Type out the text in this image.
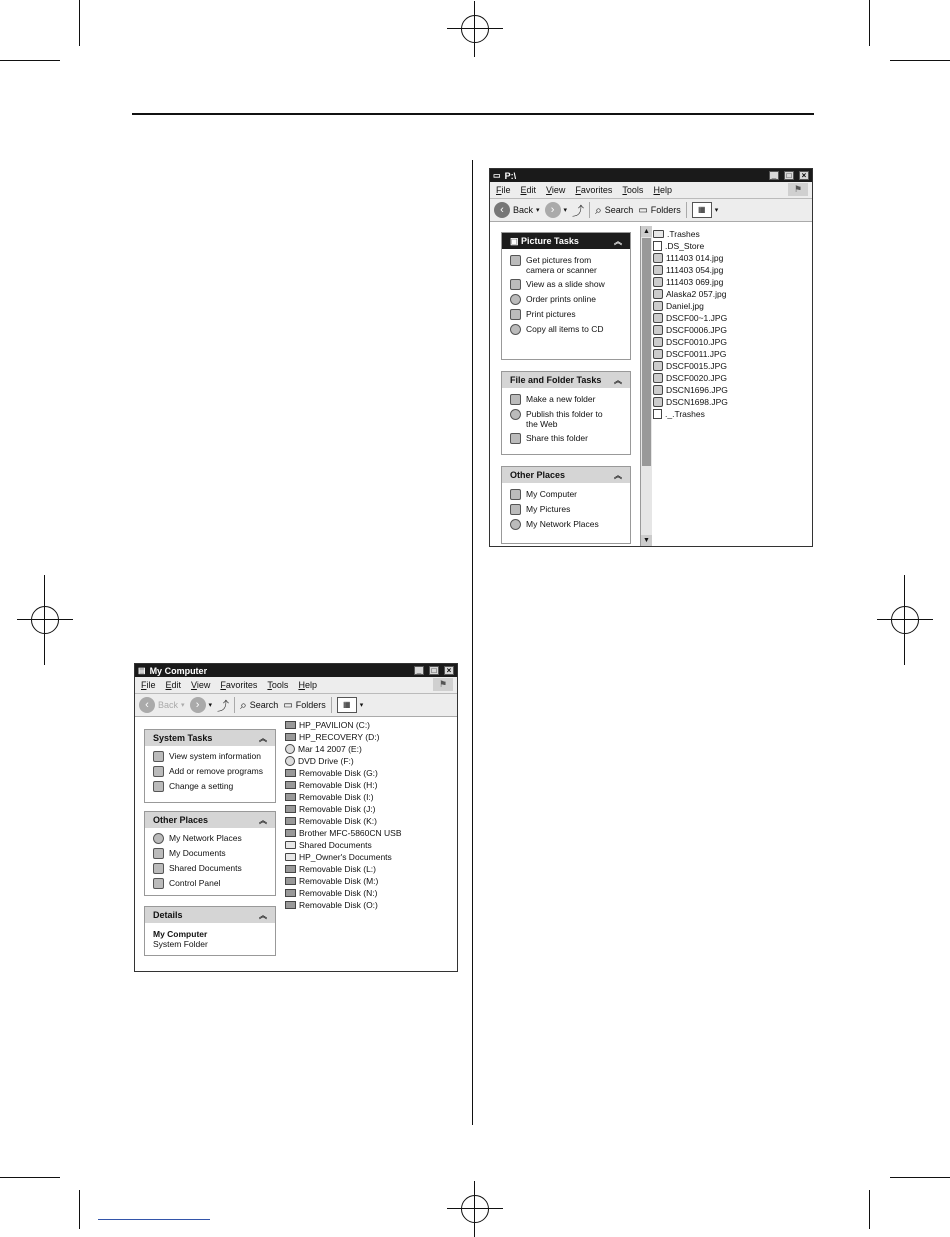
▭ P:\	_	□	×
File Edit View Favorites Tools Help	⚑
‹	Back ▾	›	▾ ⤴ ⌕ Search ▭ Folders	▦	▾
▣ Picture Tasks	︽
Get pictures from camera or scanner
View as a slide show
Order prints online
Print pictures
Copy all items to CD
File and Folder Tasks ︽
Make a new folder
Publish this folder to the Web
Share this folder
Other Places	︽
My Computer
My Pictures
My Network Places
▲
▼
.Trashes
.DS_Store
111403 014.jpg
111403 054.jpg
111403 069.jpg
Alaska2 057.jpg
Daniel.jpg
DSCF00~1.JPG
DSCF0006.JPG
DSCF0010.JPG
DSCF0011.JPG
DSCF0015.JPG
DSCF0020.JPG
DSCN1696.JPG
DSCN1698.JPG
._.Trashes
▤ My Computer	_	□	×
File Edit View Favorites Tools Help	⚑
‹	Back ▾	›	▾ ⤴ ⌕ Search ▭ Folders	▦	▾
System Tasks	︽
View system information
Add or remove programs
Change a setting
Other Places	︽
My Network Places
My Documents
Shared Documents
Control Panel
Details	︽
My Computer
System Folder
HP_PAVILION (C:)
HP_RECOVERY (D:)
Mar 14 2007 (E:)
DVD Drive (F:)
Removable Disk (G:)
Removable Disk (H:)
Removable Disk (I:)
Removable Disk (J:)
Removable Disk (K:)
Brother MFC-5860CN USB
Shared Documents
HP_Owner's Documents
Removable Disk (L:)
Removable Disk (M:)
Removable Disk (N:)
Removable Disk (O:)
